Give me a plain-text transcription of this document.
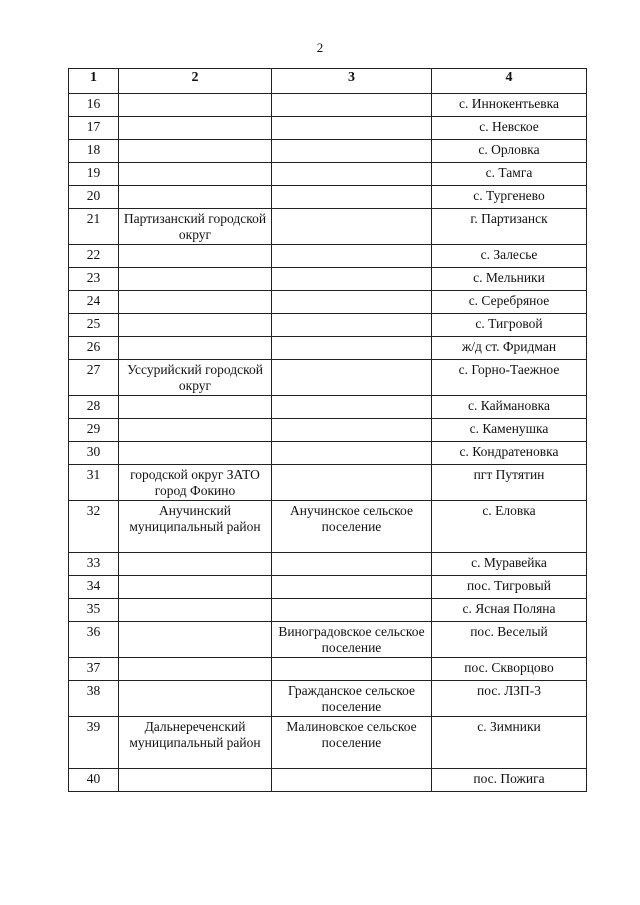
2
1	2	3	4
16			с. Иннокентьевка
17			с. Невское
18			с. Орловка
19			с. Тамга
20			с. Тургенево
21	Партизанский городской округ		г. Партизанск
22			с. Залесье
23			с. Мельники
24			с. Серебряное
25			с. Тигровой
26			ж/д ст. Фридман
27	Уссурийский городской округ		с. Горно-Таежное
28			с. Каймановка
29			с. Каменушка
30			с. Кондратеновка
31	городской округ ЗАТО город Фокино		пгт Путятин
32	Анучинский муниципальный район	Анучинское сельское поселение	с. Еловка
33			с. Муравейка
34			пос. Тигровый
35			с. Ясная Поляна
36		Виноградовское сельское поселение	пос. Веселый
37			пос. Скворцово
38		Гражданское сельское поселение	пос. ЛЗП-3
39	Дальнереченский муниципальный район	Малиновское сельское поселение	с. Зимники
40			пос. Пожига
